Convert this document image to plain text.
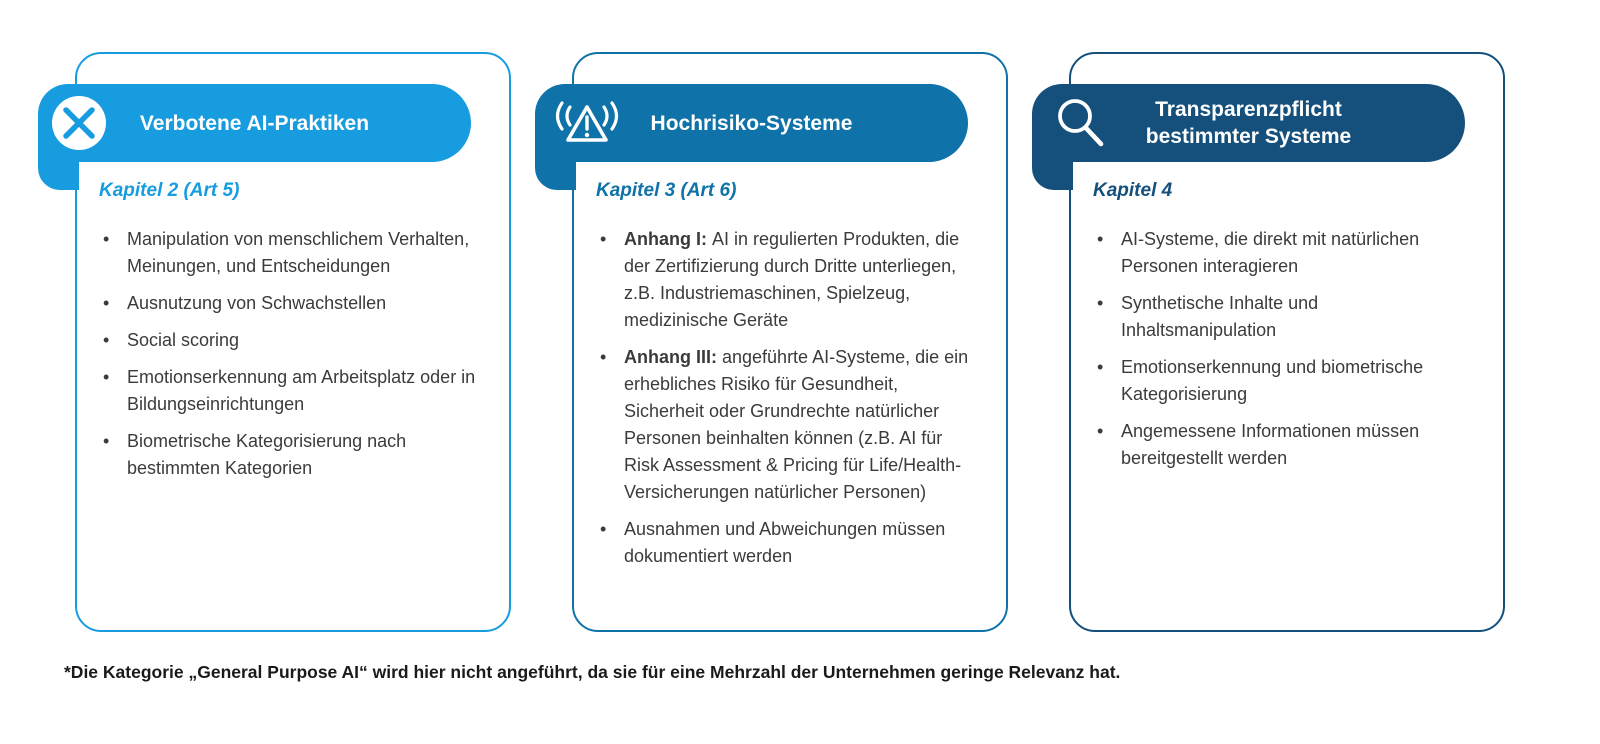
Verbotene AI-Praktiken
Kapitel 2 (Art 5)
• Manipulation von menschlichem Verhalten, Meinungen, und Entscheidungen
• Ausnutzung von Schwachstellen
• Social scoring
• Emotionserkennung am Arbeitsplatz oder in Bildungseinrichtungen
• Biometrische Kategorisierung nach bestimmten Kategorien
Hochrisiko-Systeme
Kapitel 3 (Art 6)
• Anhang I: AI in regulierten Produkten, die der Zertifizierung durch Dritte unterliegen, z.B. Industriemaschinen, Spielzeug, medizinische Geräte
• Anhang III: angeführte AI-Systeme, die ein erhebliches Risiko für Gesundheit, Sicherheit oder Grundrechte natürlicher Personen beinhalten können (z.B. AI für Risk Assessment & Pricing für Life/Health-Versicherungen natürlicher Personen)
• Ausnahmen und Abweichungen müssen dokumentiert werden
Transparenzpflicht bestimmter Systeme
Kapitel 4
• AI-Systeme, die direkt mit natürlichen Personen interagieren
• Synthetische Inhalte und Inhaltsmanipulation
• Emotionserkennung und biometrische Kategorisierung
• Angemessene Informationen müssen bereitgestellt werden
*Die Kategorie „General Purpose AI“ wird hier nicht angeführt, da sie für eine Mehrzahl der Unternehmen geringe Relevanz hat.
